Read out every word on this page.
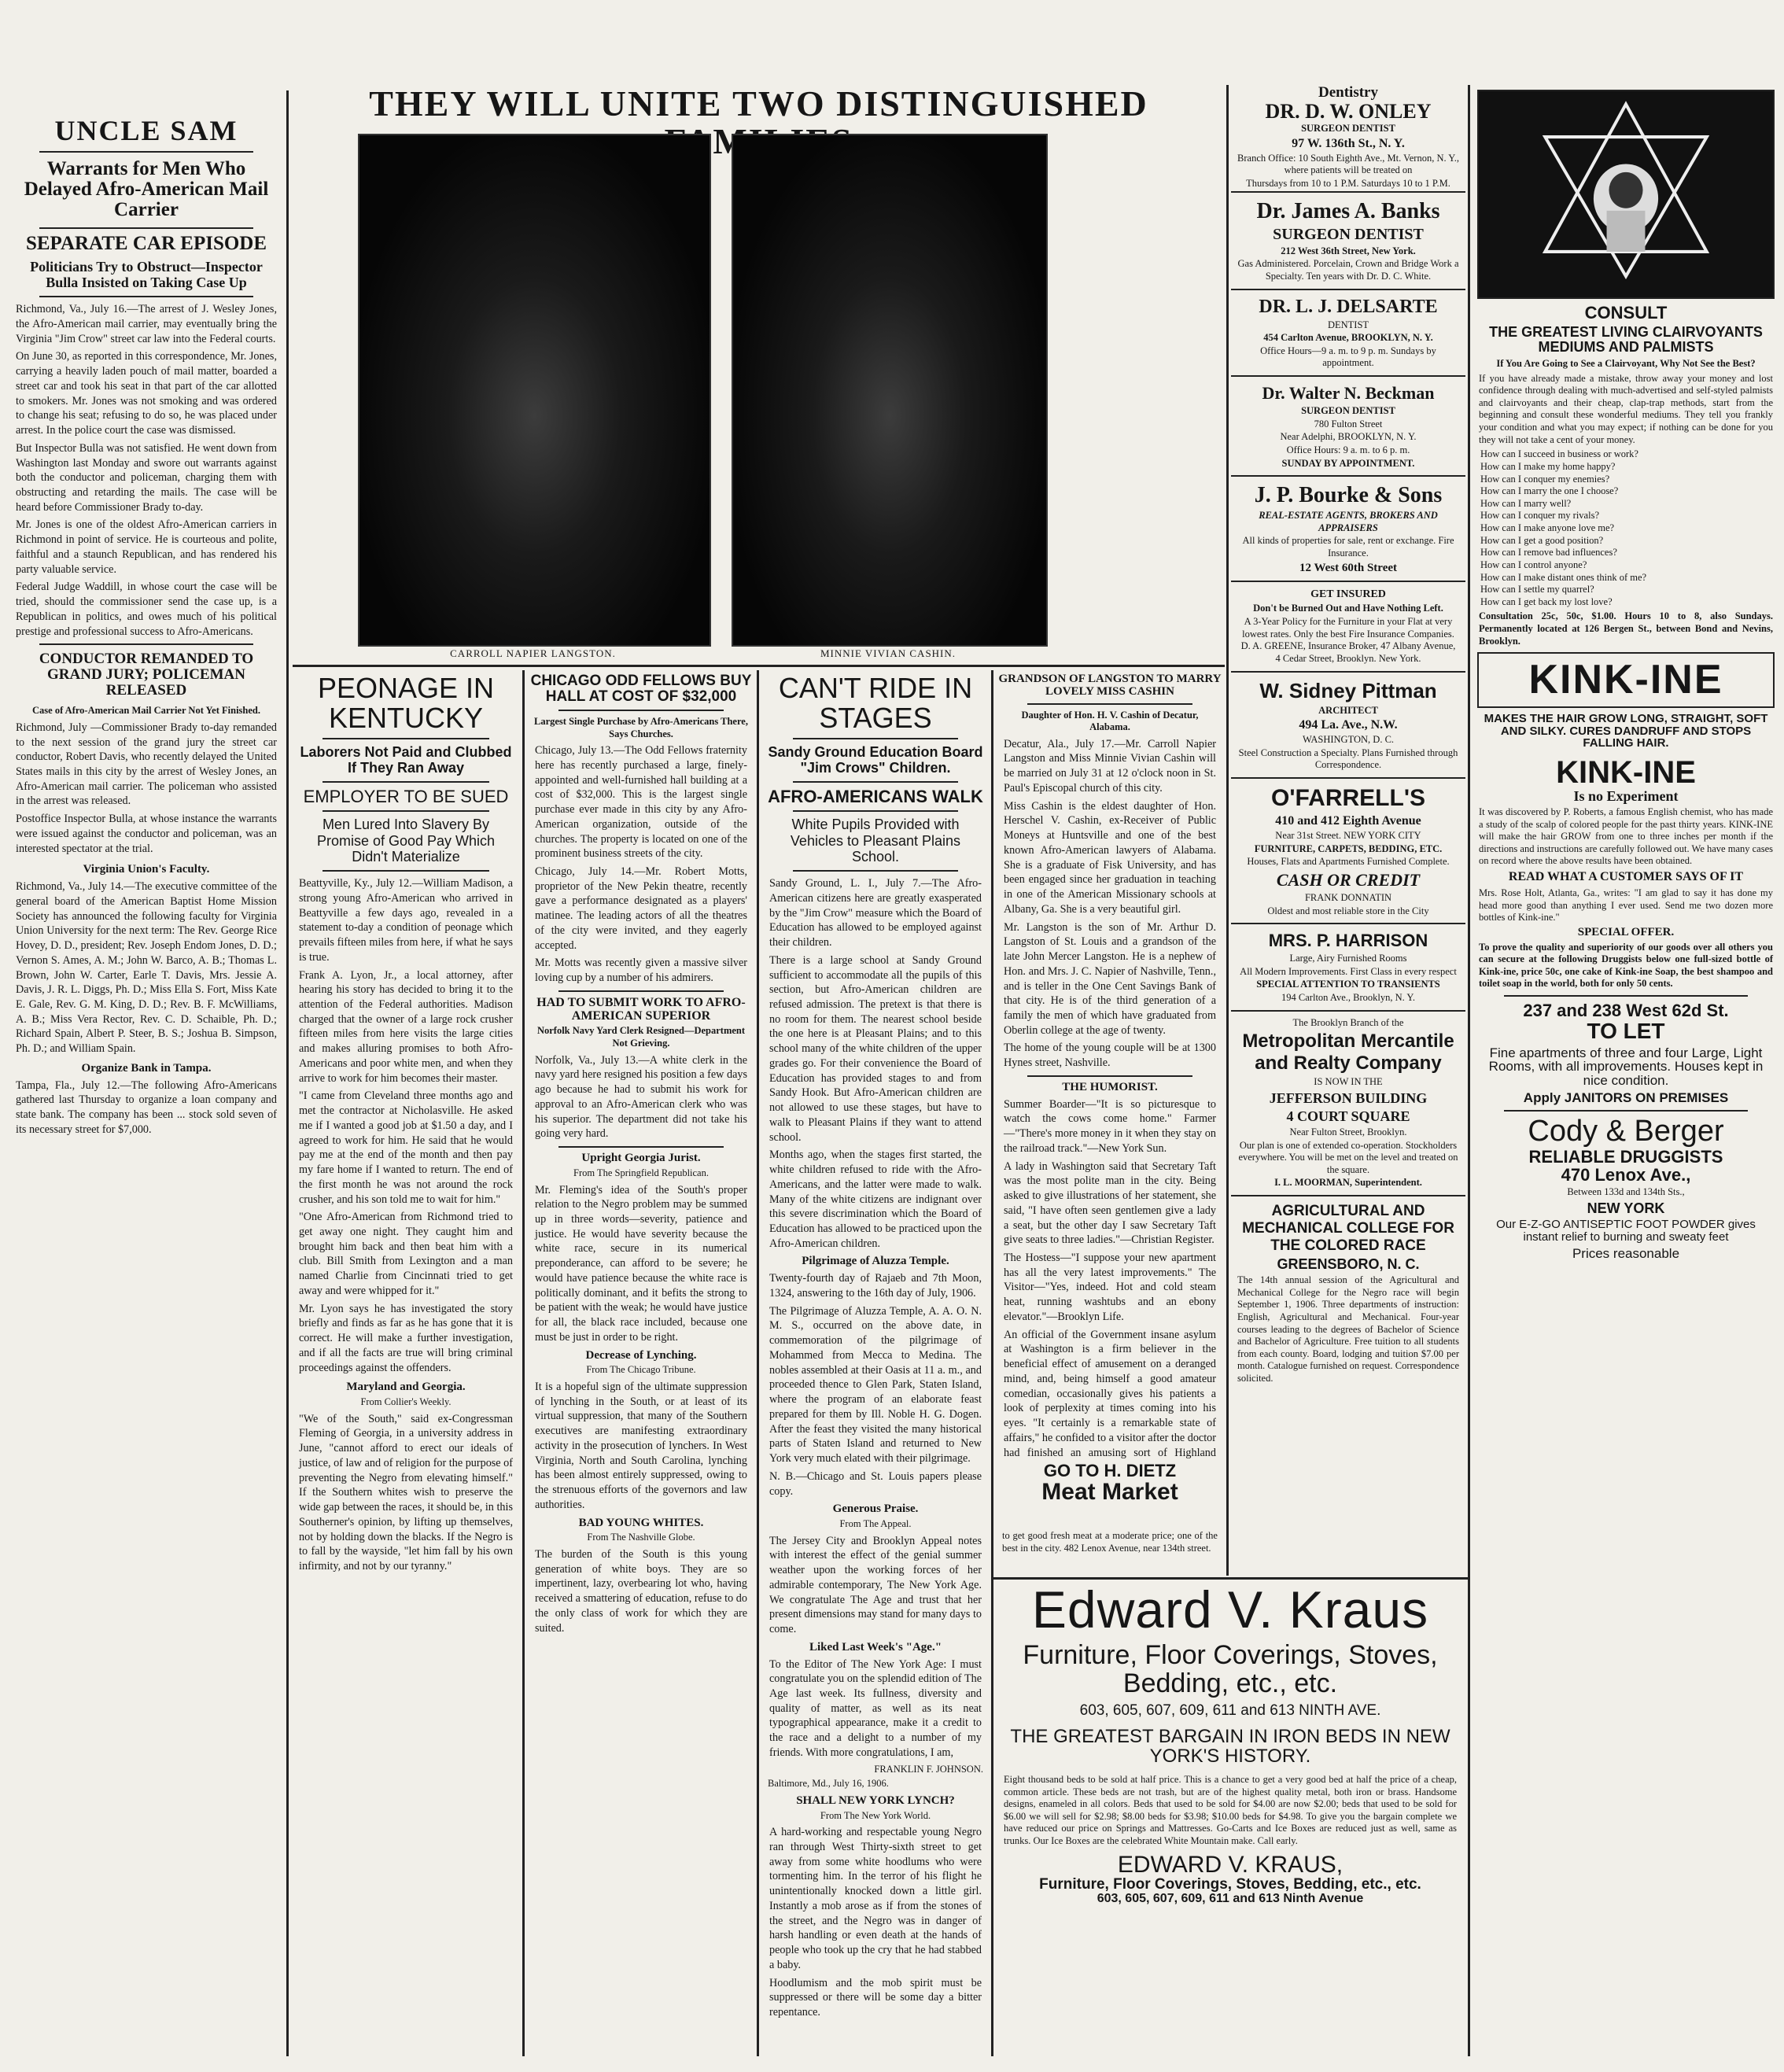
UNCLE SAM
Warrants for Men Who Delayed Afro-American Mail Carrier
SEPARATE CAR EPISODE
Politicians Try to Obstruct—Inspector Bulla Insisted on Taking Case Up

Richmond, Va., July 16.—The arrest of J. Wesley Jones, the Afro-American mail carrier, may eventually bring the Virginia "Jim Crow" street car law into the Federal courts.

On June 30, as reported in this correspondence, Mr. Jones, carrying a heavily laden pouch of mail matter, boarded a street car and took his seat in that part of the car allotted to smokers. Mr. Jones was not smoking and was ordered to change his seat; refusing to do so, he was placed under arrest. In the police court the case was dismissed.

But Inspector Bulla was not satisfied. He went down from Washington last Monday and swore out warrants against both the conductor and policeman, charging them with obstructing and retarding the mails. The case will be heard before Commissioner Brady to-day.

Mr. Jones is one of the oldest Afro-American carriers in Richmond in point of service. He is courteous and polite, faithful and a staunch Republican, and has rendered his party valuable service.

Federal Judge Waddill, in whose court the case will be tried, should the commissioner send the case up, is a Republican in politics, and owes much of his political prestige and professional success to Afro-Americans.

CONDUCTOR REMANDED TO GRAND JURY; POLICEMAN RELEASED
Case of Afro-American Mail Carrier Not Yet Finished.

Richmond, July —Commissioner Brady to-day remanded to the next session of the grand jury the street car conductor, Robert Davis, who recently delayed the United States mails in this city by the arrest of Wesley Jones, an Afro-American mail carrier. The policeman who assisted in the arrest was released.

Postoffice Inspector Bulla, at whose instance the warrants were issued against the conductor and policeman, was an interested spectator at the trial.

Virginia Union's Faculty.

Richmond, Va., July 14.—The executive committee of the general board of the American Baptist Home Mission Society has announced the following faculty for Virginia Union University for the next term: The Rev. George Rice Hovey, D. D., president; Rev. Joseph Endom Jones, D. D.; Vernon S. Ames, A. M.; John W. Barco, A. B.; Thomas L. Brown, John W. Carter, Earle T. Davis, Mrs. Jessie A. Davis, J. R. L. Diggs, Ph. D.; Miss Ella S. Fort, Miss Kate E. Gale, Rev. G. M. King, D. D.; Rev. B. F. McWilliams, A. B.; Miss Vera Rector, Rev. C. D. Schaible, Ph. D.; Richard Spain, Albert P. Steer, B. S.; Joshua B. Simpson, Ph. D.; and William Spain.

Organize Bank in Tampa.

Tampa, Fla., July 12.—The following Afro-Americans gathered last Thursday to organize a loan company and state bank. The company has been ... stock sold seven of its necessary street for $7,000.

THEY WILL UNITE TWO DISTINGUISHED
CARROLL NAPIER LANGSTON.	MINNIE VIVIAN CASHIN.
PEONAGE IN KENTUCKY
Laborers Not Paid and Clubbed If They Ran Away
EMPLOYER TO BE SUED
Men Lured Into Slavery By Promise of Good Pay Which Didn't Materialize

Beattyville, Ky., July 12.—William Madison, a strong young Afro-American who arrived in Beattyville a few days ago, revealed in a statement to-day a condition of peonage which prevails fifteen miles from here, if what he says is true.

Frank A. Lyon, Jr., a local attorney, after hearing his story has decided to bring it to the attention of the Federal authorities. Madison charged that the owner of a large rock crusher fifteen miles from here visits the large cities and makes alluring promises to both Afro-Americans and poor white men, and when they arrive to work for him becomes their master.

"I came from Cleveland three months ago and met the contractor at Nicholasville. He asked me if I wanted a good job at $1.50 a day, and I agreed to work for him. He said that he would pay me at the end of the month and then pay my fare home if I wanted to return. The end of the first month he was not around the rock crusher, and his son told me to wait for him."

"One Afro-American from Richmond tried to get away one night. They caught him and brought him back and then beat him with a club. Bill Smith from Lexington and a man named Charlie from Cincinnati tried to get away and were whipped for it."

Mr. Lyon says he has investigated the story briefly and finds as far as he has gone that it is correct. He will make a further investigation, and if all the facts are true will bring criminal proceedings against the offenders.

Maryland and Georgia.
From Collier's Weekly.

"We of the South," said ex-Congressman Fleming of Georgia, in a university address in June, "cannot afford to erect our ideals of justice, of law and of religion for the purpose of preventing the Negro from elevating himself." If the Southern whites wish to preserve the wide gap between the races, it should be, in this Southerner's opinion, by lifting up themselves, not by holding down the blacks. If the Negro is to fall by the wayside, "let him fall by his own infirmity, and not by our tyranny."

CHICAGO ODD FELLOWS BUY HALL AT COST OF $32,000
Largest Single Purchase by Afro-Americans There, Says Churches.

Chicago, July 13.—The Odd Fellows fraternity here has recently purchased a large, finely-appointed and well-furnished hall building at a cost of $32,000. This is the largest single purchase ever made in this city by any Afro-American organization, outside of the churches. The property is located on one of the prominent business streets of the city.

Chicago, July 14.—Mr. Robert Motts, proprietor of the New Pekin theatre, recently gave a performance designated as a players' matinee. The leading actors of all the theatres of the city were invited, and they eagerly accepted.

Mr. Motts was recently given a massive silver loving cup by a number of his admirers.

HAD TO SUBMIT WORK TO AFRO-AMERICAN SUPERIOR
Norfolk Navy Yard Clerk Resigned—Department Not Grieving.

Norfolk, Va., July 13.—A white clerk in the navy yard here resigned his position a few days ago because he had to submit his work for approval to an Afro-American clerk who was his superior. The department did not take his going very hard.

Upright Georgia Jurist.
From The Springfield Republican.

Mr. Fleming's idea of the South's proper relation to the Negro problem may be summed up in three words—severity, patience and justice. He would have severity because the white race, secure in its numerical preponderance, can afford to be severe; he would have patience because the white race is politically dominant, and it befits the strong to be patient with the weak; he would have justice for all, the black race included, because one must be just in order to be right.

Decrease of Lynching.
From The Chicago Tribune.

It is a hopeful sign of the ultimate suppression of lynching in the South, or at least of its virtual suppression, that many of the Southern executives are manifesting extraordinary activity in the prosecution of lynchers. In West Virginia, North and South Carolina, lynching has been almost entirely suppressed, owing to the strenuous efforts of the governors and law authorities.

BAD YOUNG WHITES.
From The Nashville Globe.

The burden of the South is this young generation of white boys. They are so impertinent, lazy, overbearing lot who, having received a smattering of education, refuse to do the only class of work for which they are suited.

CAN'T RIDE IN STAGES
Sandy Ground Education Board "Jim Crows" Children.
AFRO-AMERICANS WALK
White Pupils Provided with Vehicles to Pleasant Plains School.

Sandy Ground, L. I., July 7.—The Afro-American citizens here are greatly exasperated by the "Jim Crow" measure which the Board of Education has allowed to be employed against their children.

There is a large school at Sandy Ground sufficient to accommodate all the pupils of this section, but Afro-American children are refused admission. The pretext is that there is no room for them. The nearest school beside the one here is at Pleasant Plains; and to this school many of the white children of the upper grades go. For their convenience the Board of Education has provided stages to and from Sandy Hook. But Afro-American children are not allowed to use these stages, but have to walk to Pleasant Plains if they want to attend school.

Months ago, when the stages first started, the white children refused to ride with the Afro-Americans, and the latter were made to walk. Many of the white citizens are indignant over this severe discrimination which the Board of Education has allowed to be practiced upon the Afro-American children.

Pilgrimage of Aluzza Temple.

Twenty-fourth day of Rajaeb and 7th Moon, 1324, answering to the 16th day of July, 1906.

The Pilgrimage of Aluzza Temple, A. A. O. N. M. S., occurred on the above date, in commemoration of the pilgrimage of Mohammed from Mecca to Medina. The nobles assembled at their Oasis at 11 a. m., and proceeded thence to Glen Park, Staten Island, where the program of an elaborate feast prepared for them by Ill. Noble H. G. Dogen. After the feast they visited the many historical parts of Staten Island and returned to New York very much elated with their pilgrimage.

N. B.—Chicago and St. Louis papers please copy.

Generous Praise.
From The Appeal.

The Jersey City and Brooklyn Appeal notes with interest the effect of the genial summer weather upon the working forces of her admirable contemporary, The New York Age. We congratulate The Age and trust that her present dimensions may stand for many days to come.

Liked Last Week's "Age."

To the Editor of The New York Age: I must congratulate you on the splendid edition of The Age last week. Its fullness, diversity and quality of matter, as well as its neat typographical appearance, make it a credit to the race and a delight to a number of my friends. With more congratulations, I am,

FRANKLIN F. JOHNSON.
Baltimore, Md., July 16, 1906.
SHALL NEW YORK LYNCH?
From The New York World.

A hard-working and respectable young Negro ran through West Thirty-sixth street to get away from some white hoodlums who were tormenting him. In the terror of his flight he unintentionally knocked down a little girl. Instantly a mob arose as if from the stones of the street, and the Negro was in danger of harsh handling or even death at the hands of people who took up the cry that he had stabbed a baby.

Hoodlumism and the mob spirit must be suppressed or there will be some day a bitter repentance.

GRANDSON OF LANGSTON TO MARRY LOVELY MISS CASHIN
Daughter of Hon. H. V. Cashin of Decatur, Alabama.

Decatur, Ala., July 17.—Mr. Carroll Napier Langston and Miss Minnie Vivian Cashin will be married on July 31 at 12 o'clock noon in St. Paul's Episcopal church of this city.

Miss Cashin is the eldest daughter of Hon. Herschel V. Cashin, ex-Receiver of Public Moneys at Huntsville and one of the best known Afro-American lawyers of Alabama. She is a graduate of Fisk University, and has been engaged since her graduation in teaching in one of the American Missionary schools at Albany, Ga. She is a very beautiful girl.

Mr. Langston is the son of Mr. Arthur D. Langston of St. Louis and a grandson of the late John Mercer Langston. He is a nephew of Hon. and Mrs. J. C. Napier of Nashville, Tenn., and is teller in the One Cent Savings Bank of that city. He is of the third generation of a family the men of which have graduated from Oberlin college at the age of twenty.

The home of the young couple will be at 1300 Hynes street, Nashville.

THE HUMORIST.

Summer Boarder—"It is so picturesque to watch the cows come home." Farmer—"There's more money in it when they stay on the railroad track."—New York Sun.

A lady in Washington said that Secretary Taft was the most polite man in the city. Being asked to give illustrations of her statement, she said, "I have often seen gentlemen give a lady a seat, but the other day I saw Secretary Taft give seats to three ladies."—Christian Register.

The Hostess—"I suppose your new apartment has all the very latest improvements." The Visitor—"Yes, indeed. Hot and cold steam heat, running washtubs and an ebony elevator."—Brooklyn Life.

An official of the Government insane asylum at Washington is a firm believer in the beneficial effect of amusement on a deranged mind, and, being himself a good amateur comedian, occasionally gives his patients a look of perplexity at times coming into his eyes. "It certainly is a remarkable state of affairs," he confided to a visitor after the doctor had finished an amusing sort of Highland

GO TO H. DIETZ
Meat Market

to get good fresh meat at a moderate price; one of the best in the city. 482 Lenox Avenue, near 134th street.

Dentistry
DR. D. W. ONLEY
SURGEON DENTIST
97 W. 136th St., N. Y.
Branch Office: 10 South Eighth Ave., Mt. Vernon, N. Y., where patients will be treated on
Thursdays from 10 to 1 P.M. Saturdays 10 to 1 P.M.
Dr. James A. Banks
SURGEON DENTIST
212 West 36th Street, New York.
Gas Administered. Porcelain, Crown and Bridge Work a Specialty. Ten years with Dr. D. C. White.
DR. L. J. DELSARTE
DENTIST
454 Carlton Avenue, BROOKLYN, N. Y.
Office Hours—9 a. m. to 9 p. m. Sundays by appointment.
Dr. Walter N. Beckman
SURGEON DENTIST
780 Fulton Street
Near Adelphi, BROOKLYN, N. Y.
Office Hours: 9 a. m. to 6 p. m.
SUNDAY BY APPOINTMENT.
J. P. Bourke & Sons
REAL-ESTATE AGENTS, BROKERS AND APPRAISERS
All kinds of properties for sale, rent or exchange. Fire Insurance.
12 West 60th Street
GET INSURED
Don't be Burned Out and Have Nothing Left.
A 3-Year Policy for the Furniture in your Flat at very lowest rates. Only the best Fire Insurance Companies. D. A. GREENE, Insurance Broker, 47 Albany Avenue, 4 Cedar Street, Brooklyn. New York.
W. Sidney Pittman
ARCHITECT
494 La. Ave., N.W.
WASHINGTON, D. C.
Steel Construction a Specialty. Plans Furnished through Correspondence.
O'FARRELL'S
410 and 412 Eighth Avenue
Near 31st Street. NEW YORK CITY
FURNITURE, CARPETS, BEDDING, ETC.
Houses, Flats and Apartments Furnished Complete.
CASH OR CREDIT
FRANK DONNATIN
Oldest and most reliable store in the City
MRS. P. HARRISON
Large, Airy Furnished Rooms
All Modern Improvements. First Class in every respect
SPECIAL ATTENTION TO TRANSIENTS
194 Carlton Ave., Brooklyn, N. Y.
The Brooklyn Branch of the
Metropolitan Mercantile and Realty Company
IS NOW IN THE
JEFFERSON BUILDING
4 COURT SQUARE
Near Fulton Street, Brooklyn.
Our plan is one of extended co-operation. Stockholders everywhere. You will be met on the level and treated on the square.
I. L. MOORMAN, Superintendent.
AGRICULTURAL AND MECHANICAL COLLEGE FOR THE COLORED RACE
GREENSBORO, N. C.
The 14th annual session of the Agricultural and Mechanical College for the Negro race will begin September 1, 1906. Three departments of instruction: English, Agricultural and Mechanical. Four-year courses leading to the degrees of Bachelor of Science and Bachelor of Agriculture. Free tuition to all students from each county. Board, lodging and tuition $7.00 per month. Catalogue furnished on request. Correspondence solicited.
CONSULT
THE GREATEST LIVING CLAIRVOYANTS MEDIUMS AND PALMISTS
If You Are Going to See a Clairvoyant, Why Not See the Best?

If you have already made a mistake, throw away your money and lost confidence through dealing with much-advertised and self-styled palmists and clairvoyants and their cheap, clap-trap methods, start from the beginning and consult these wonderful mediums. They tell you frankly your condition and what you may expect; if nothing can be done for you they will not take a cent of your money.

How can I succeed in business or work?
How can I make my home happy?
How can I conquer my enemies?
How can I marry the one I choose?
How can I marry well?
How can I conquer my rivals?
How can I make anyone love me?
How can I get a good position?
How can I remove bad influences?
How can I control anyone?
How can I make distant ones think of me?
How can I settle my quarrel?
How can I get back my lost love?

Consultation 25c, 50c, $1.00. Hours 10 to 8, also Sundays. Permanently located at 126 Bergen St., between Bond and Nevins, Brooklyn.

KINK-INE
MAKES THE HAIR GROW LONG, STRAIGHT, SOFT AND SILKY. CURES DANDRUFF AND STOPS FALLING HAIR.
KINK-INE
Is no Experiment

It was discovered by P. Roberts, a famous English chemist, who has made a study of the scalp of colored people for the past thirty years. KINK-INE will make the hair GROW from one to three inches per month if the directions and instructions are carefully followed out. We have many cases on record where the above results have been obtained.

READ WHAT A CUSTOMER SAYS OF IT

Mrs. Rose Holt, Atlanta, Ga., writes: "I am glad to say it has done my head more good than anything I ever used. Send me two dozen more bottles of Kink-ine."

SPECIAL OFFER.

To prove the quality and superiority of our goods over all others you can secure at the following Druggists below one full-sized bottle of Kink-ine, price 50c, one cake of Kink-ine Soap, the best shampoo and toilet soap in the world, both for only 50 cents.

237 and 238 West 62d St.
TO LET
Fine apartments of three and four Large, Light Rooms, with all improvements. Houses kept in nice condition.
Apply JANITORS ON PREMISES
Cody & Berger
RELIABLE DRUGGISTS
470 Lenox Ave.,
Between 133d and 134th Sts.,
NEW YORK
Our E-Z-GO ANTISEPTIC FOOT POWDER gives instant relief to burning and sweaty feet
Prices reasonable
Edward V. Kraus
Furniture, Floor Coverings, Stoves, Bedding, etc., etc.
603, 605, 607, 609, 611 and 613 NINTH AVE.
THE GREATEST BARGAIN IN IRON BEDS IN NEW YORK'S HISTORY.

Eight thousand beds to be sold at half price. This is a chance to get a very good bed at half the price of a cheap, common article. These beds are not trash, but are of the highest quality metal, both iron or brass. Handsome designs, enameled in all colors. Beds that used to be sold for $4.00 are now $2.00; beds that used to be sold for $6.00 we will sell for $2.98; $8.00 beds for $3.98; $10.00 beds for $4.98. To give you the bargain complete we have reduced our price on Springs and Mattresses. Go-Carts and Ice Boxes are reduced just as well, same as trunks. Our Ice Boxes are the celebrated White Mountain make. Call early.

EDWARD V. KRAUS,
Furniture, Floor Coverings, Stoves, Bedding, etc., etc.
603, 605, 607, 609, 611 and 613 Ninth Avenue
